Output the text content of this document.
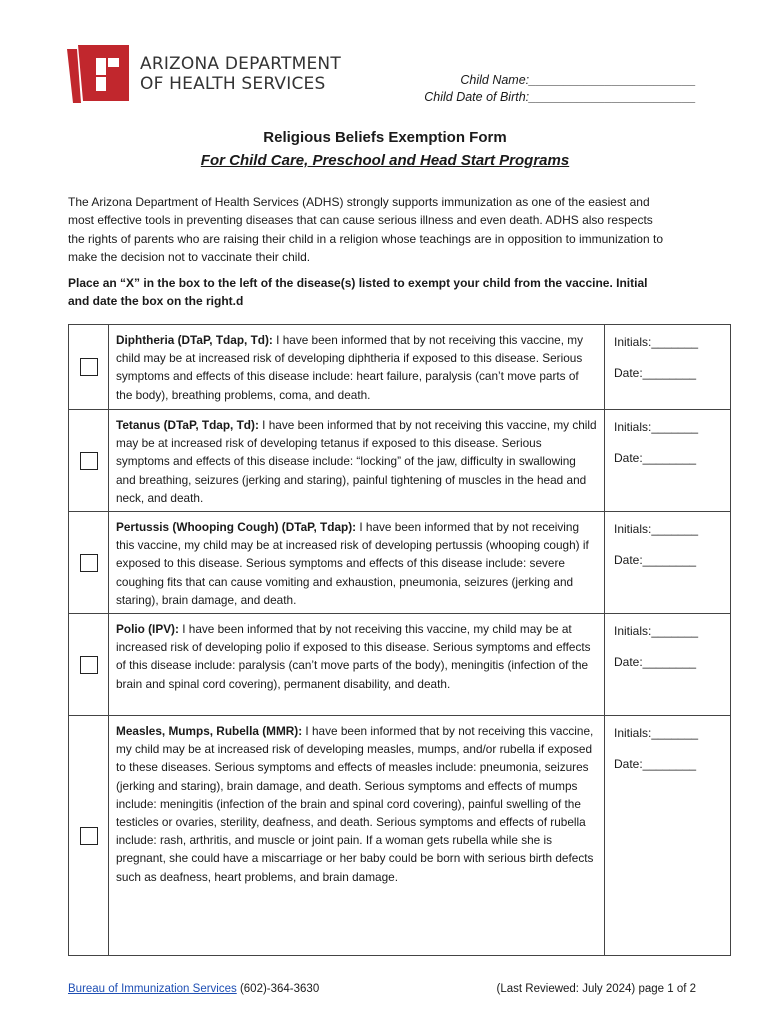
ARIZONA DEPARTMENT
OF HEALTH SERVICES	Child Name:________________________
Child Date of Birth:________________________
Religious Beliefs Exemption Form
For Child Care, Preschool and Head Start Programs
The Arizona Department of Health Services (ADHS) strongly supports immunization as one of the easiest and most effective tools in preventing diseases that can cause serious illness and even death. ADHS also respects the rights of parents who are raising their child in a religion whose teachings are in opposition to immunization to make the decision not to vaccinate their child.
Place an “X” in the box to the left of the disease(s) listed to exempt your child from the vaccine. Initial and date the box on the right.d
	Diphtheria (DTaP, Tdap, Td): I have been informed that by not receiving this vaccine, my child may be at increased risk of developing diphtheria if exposed to this disease. Serious symptoms and effects of this disease include: heart failure, paralysis (can’t move parts of the body), breathing problems, coma, and death.	Initials:_______
Date:________

	Tetanus (DTaP, Tdap, Td): I have been informed that by not receiving this vaccine, my child may be at increased risk of developing tetanus if exposed to this disease. Serious symptoms and effects of this disease include: “locking” of the jaw, difficulty in swallowing and breathing, seizures (jerking and staring), painful tightening of muscles in the head and neck, and death.	Initials:_______
Date:________

	Pertussis (Whooping Cough) (DTaP, Tdap): I have been informed that by not receiving this vaccine, my child may be at increased risk of developing pertussis (whooping cough) if exposed to this disease. Serious symptoms and effects of this disease include: severe coughing fits that can cause vomiting and exhaustion, pneumonia, seizures (jerking and staring), brain damage, and death.	Initials:_______
Date:________

	Polio (IPV): I have been informed that by not receiving this vaccine, my child may be at increased risk of developing polio if exposed to this disease. Serious symptoms and effects of this disease include: paralysis (can’t move parts of the body), meningitis (infection of the brain and spinal cord covering), permanent disability, and death.	Initials:_______
Date:________

	Measles, Mumps, Rubella (MMR): I have been informed that by not receiving this vaccine, my child may be at increased risk of developing measles, mumps, and/or rubella if exposed to these diseases. Serious symptoms and effects of measles include: pneumonia, seizures (jerking and staring), brain damage, and death. Serious symptoms and effects of mumps include: meningitis (infection of the brain and spinal cord covering), painful swelling of the testicles or ovaries, sterility, deafness, and death. Serious symptoms and effects of rubella include: rash, arthritis, and muscle or joint pain. If a woman gets rubella while she is pregnant, she could have a miscarriage or her baby could be born with serious birth defects such as deafness, heart problems, and brain damage.	Initials:_______
Date:________
Bureau of Immunization Services (602)-364-3630	(Last Reviewed: July 2024) page 1 of 2
